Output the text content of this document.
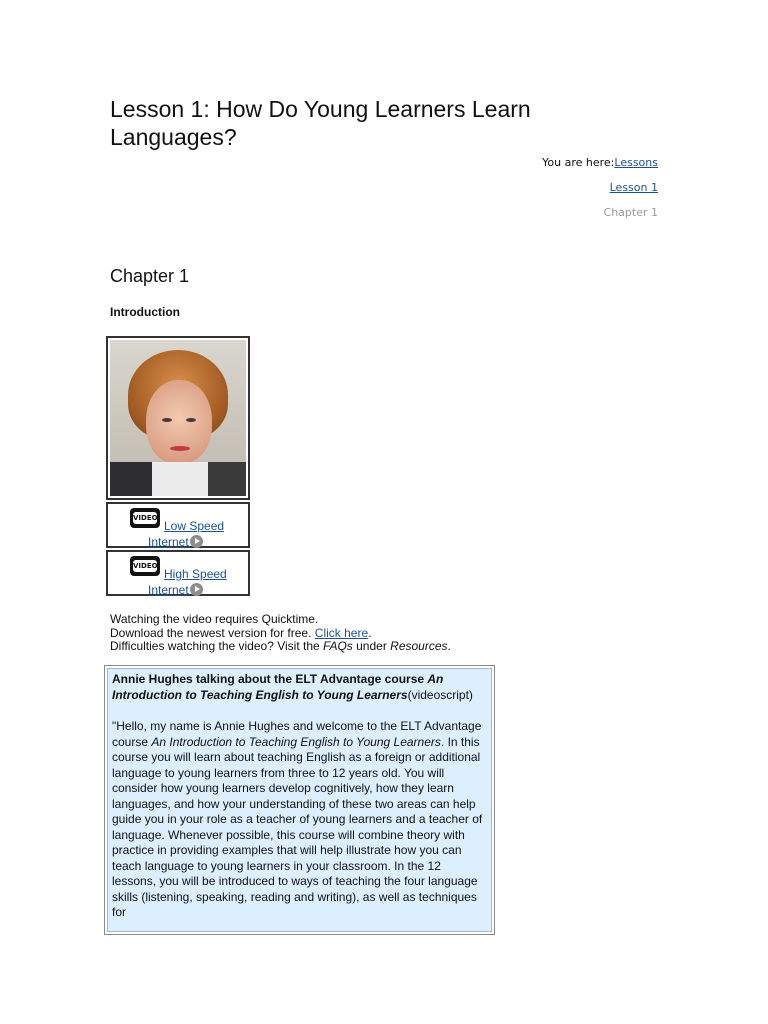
Lesson 1: How Do Young Learners Learn Languages?
You are here:Lessons
Lesson 1
Chapter 1
Chapter 1
Introduction
VIDEO
Low Speed
Internet
VIDEO
High Speed
Internet
Watching the video requires Quicktime.
Download the newest version for free. Click here.
Difficulties watching the video? Visit the FAQs under Resources.

Annie Hughes talking about the ELT Advantage course An Introduction to Teaching English to Young Learners(videoscript)

"Hello, my name is Annie Hughes and welcome to the ELT Advantage course An Introduction to Teaching English to Young Learners. In this course you will learn about teaching English as a foreign or additional language to young learners from three to 12 years old. You will consider how young learners develop cognitively, how they learn languages, and how your understanding of these two areas can help guide you in your role as a teacher of young learners and a teacher of language. Whenever possible, this course will combine theory with practice in providing examples that will help illustrate how you can teach language to young learners in your classroom. In the 12 lessons, you will be introduced to ways of teaching the four language skills (listening, speaking, reading and writing), as well as techniques for
